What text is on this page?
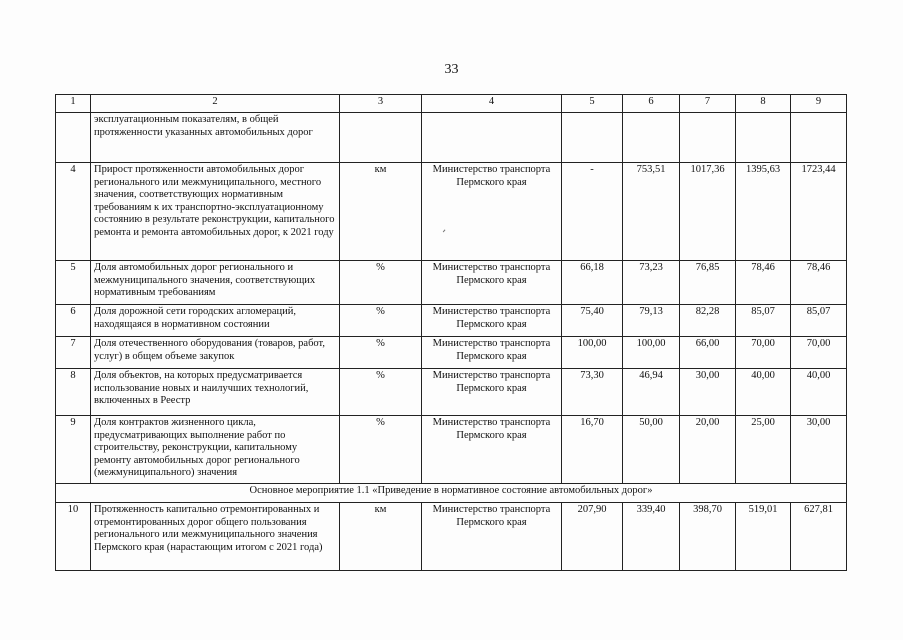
33
1	2	3	4	5	6	7	8	9
	эксплуатационным показателям, в общей протяженности указанных автомобильных дорог							
4	Прирост протяженности автомобильных дорог регионального или межмуниципального, местного значения, соответствующих нормативным требованиям к их транспортно-эксплуатационному состоянию в результате реконструкции, капитального ремонта и ремонта автомобильных дорог, к 2021 году	км	Министерство транспорта Пермского края	-	753,51	1017,36	1395,63	1723,44
5	Доля автомобильных дорог регионального и межмуниципального значения, соответствующих нормативным требованиям	%	Министерство транспорта Пермского края	66,18	73,23	76,85	78,46	78,46
6	Доля дорожной сети городских агломераций, находящаяся в нормативном состоянии	%	Министерство транспорта Пермского края	75,40	79,13	82,28	85,07	85,07
7	Доля отечественного оборудования (товаров, работ, услуг) в общем объеме закупок	%	Министерство транспорта Пермского края	100,00	100,00	66,00	70,00	70,00
8	Доля объектов, на которых предусматривается использование новых и наилучших технологий, включенных в Реестр	%	Министерство транспорта Пермского края	73,30	46,94	30,00	40,00	40,00
9	Доля контрактов жизненного цикла, предусматривающих выполнение работ по строительству, реконструкции, капитальному ремонту автомобильных дорог регионального (межмуниципального) значения	%	Министерство транспорта Пермского края	16,70	50,00	20,00	25,00	30,00
Основное мероприятие 1.1 «Приведение в нормативное состояние автомобильных дорог»								
10	Протяженность капитально отремонтированных и отремонтированных дорог общего пользования регионального или межмуниципального значения Пермского края (нарастающим итогом с 2021 года)	км	Министерство транспорта Пермского края	207,90	339,40	398,70	519,01	627,81
